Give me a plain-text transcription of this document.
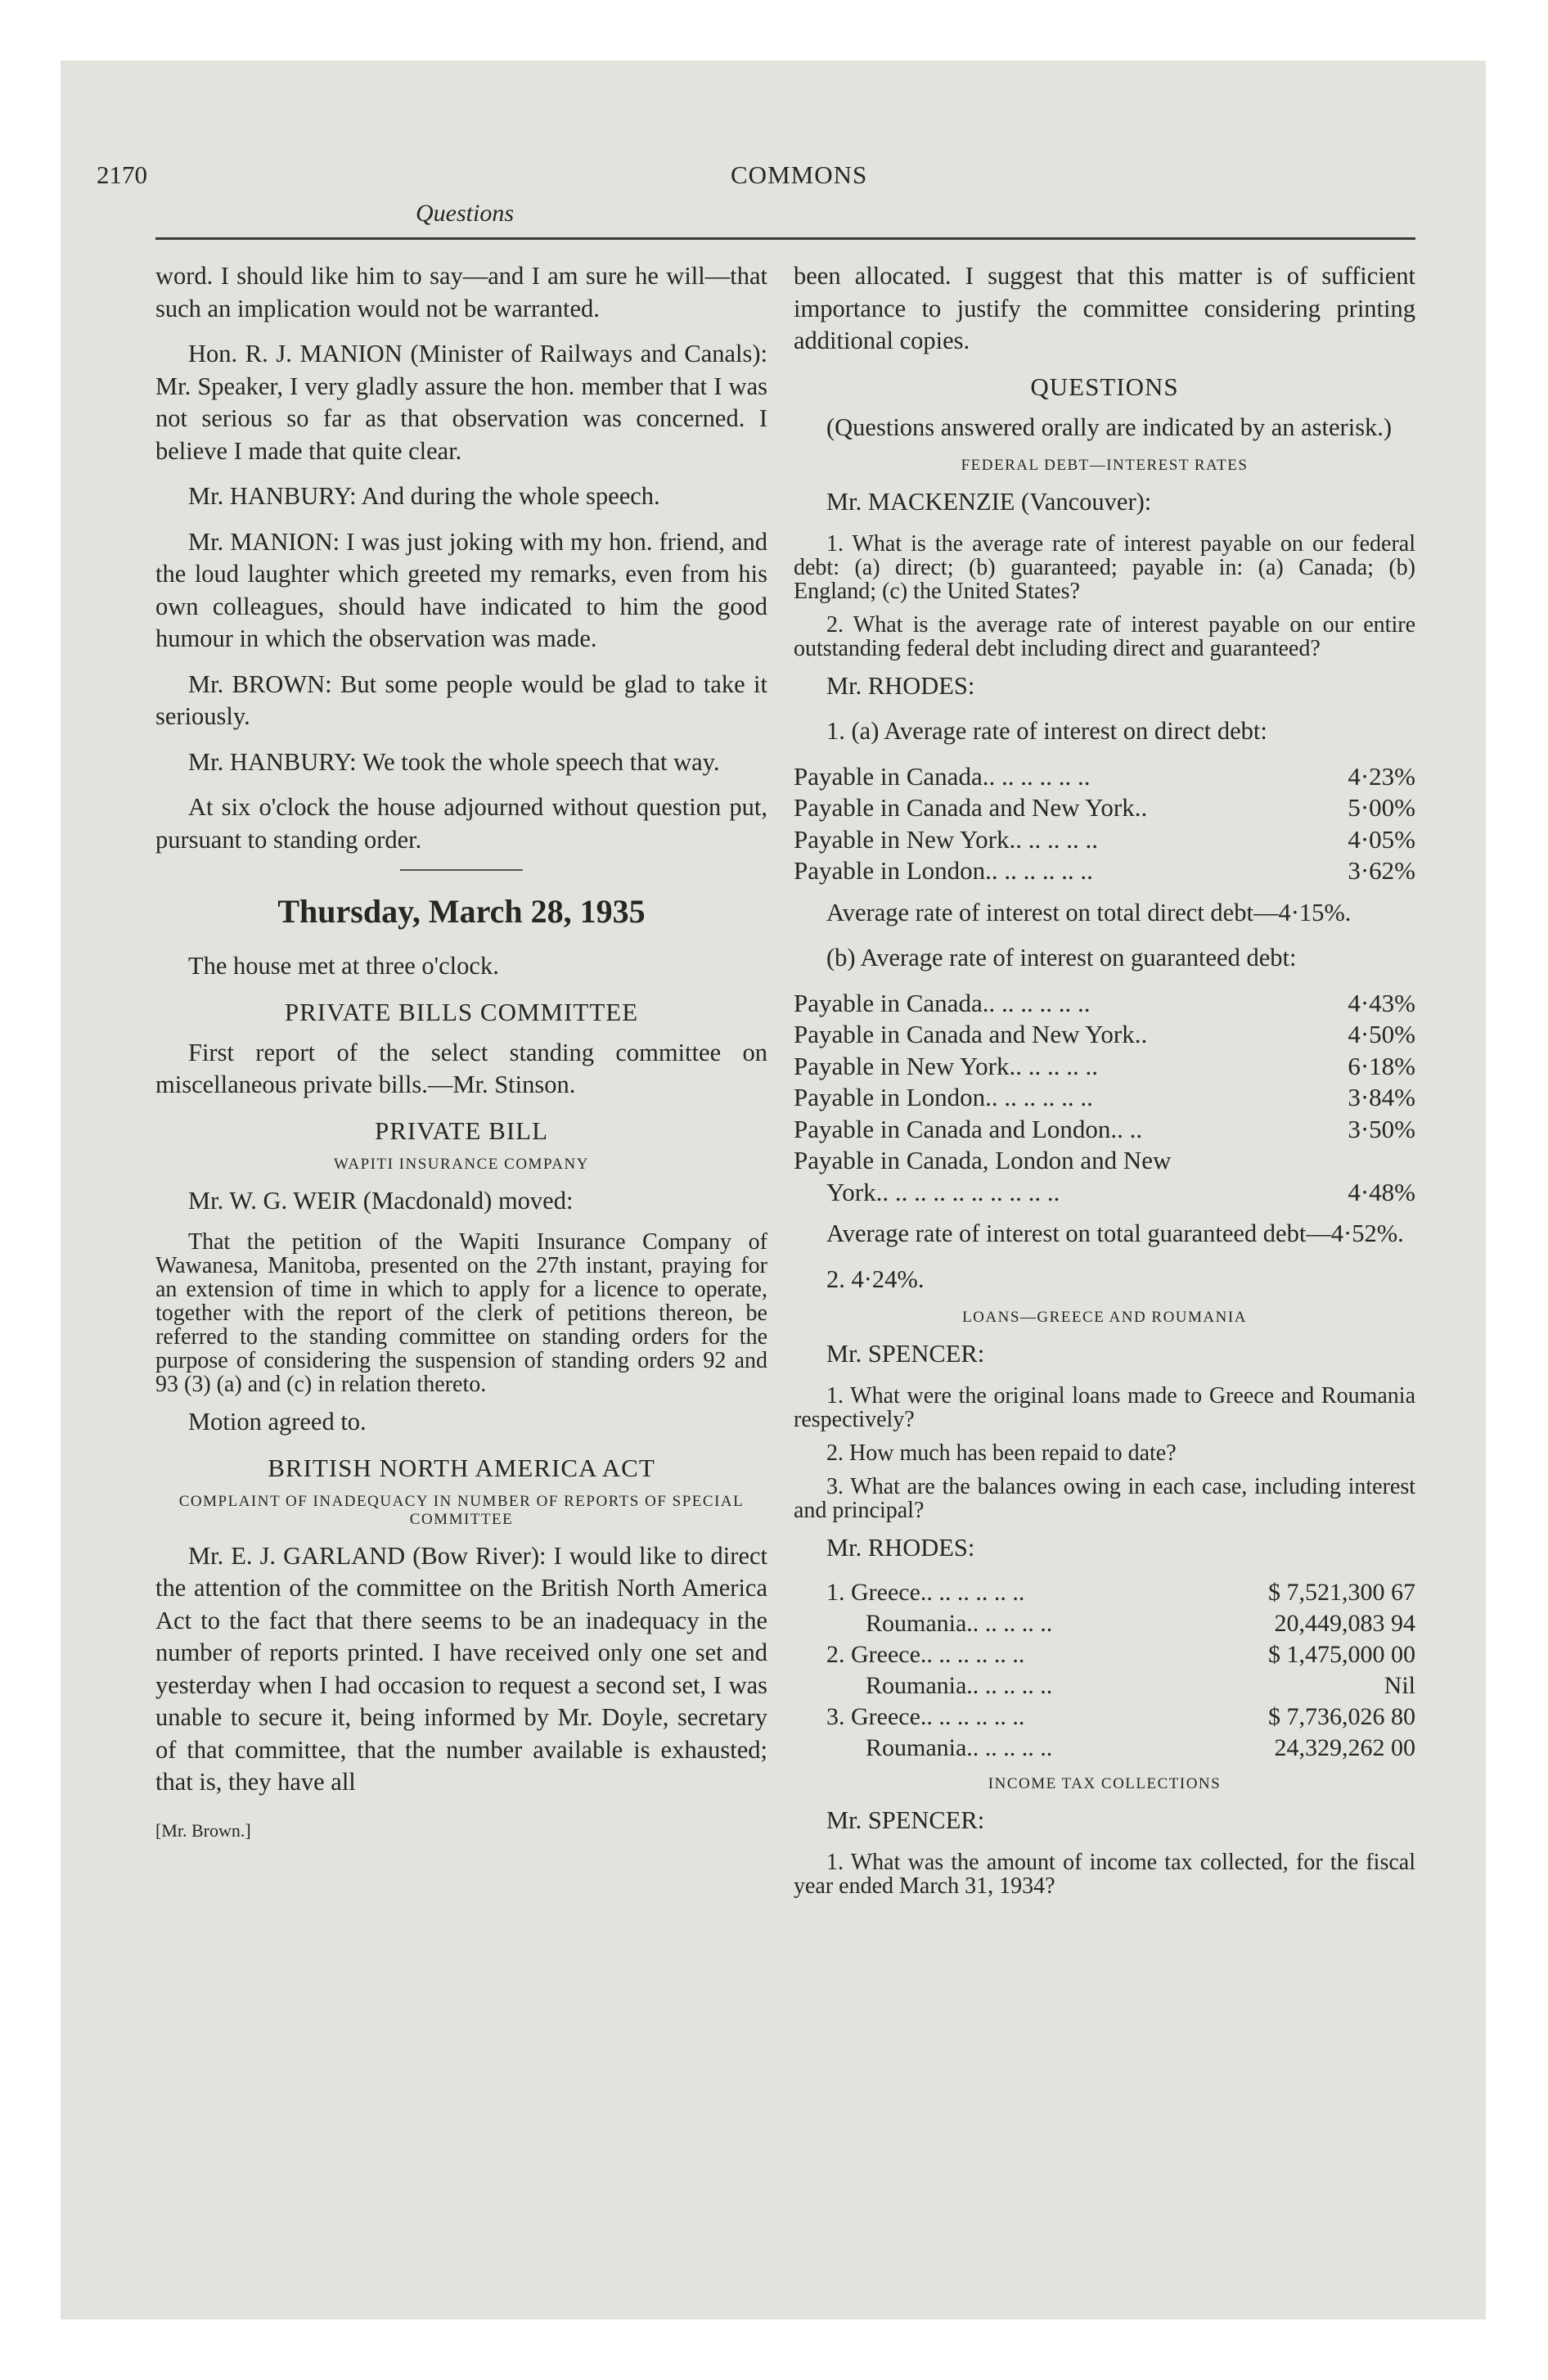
2170	COMMONS
Questions

word. I should like him to say—and I am sure he will—that such an implication would not be warranted.

Hon. R. J. MANION (Minister of Railways and Canals): Mr. Speaker, I very gladly assure the hon. member that I was not serious so far as that observation was concerned. I believe I made that quite clear.

Mr. HANBURY: And during the whole speech.

Mr. MANION: I was just joking with my hon. friend, and the loud laughter which greeted my remarks, even from his own colleagues, should have indicated to him the good humour in which the observation was made.

Mr. BROWN: But some people would be glad to take it seriously.

Mr. HANBURY: We took the whole speech that way.

At six o'clock the house adjourned without question put, pursuant to standing order.

Thursday, March 28, 1935

The house met at three o'clock.

PRIVATE BILLS COMMITTEE

First report of the select standing committee on miscellaneous private bills.—Mr. Stinson.

PRIVATE BILL
WAPITI INSURANCE COMPANY

Mr. W. G. WEIR (Macdonald) moved:

That the petition of the Wapiti Insurance Company of Wawanesa, Manitoba, presented on the 27th instant, praying for an extension of time in which to apply for a licence to operate, together with the report of the clerk of petitions thereon, be referred to the standing committee on standing orders for the purpose of considering the suspension of standing orders 92 and 93 (3) (a) and (c) in relation thereto.

Motion agreed to.

BRITISH NORTH AMERICA ACT
COMPLAINT OF INADEQUACY IN NUMBER OF REPORTS OF SPECIAL COMMITTEE

Mr. E. J. GARLAND (Bow River): I would like to direct the attention of the committee on the British North America Act to the fact that there seems to be an inadequacy in the number of reports printed. I have received only one set and yesterday when I had occasion to request a second set, I was unable to secure it, being informed by Mr. Doyle, secretary of that committee, that the number available is exhausted; that is, they have all

[Mr. Brown.]

been allocated. I suggest that this matter is of sufficient importance to justify the committee considering printing additional copies.

QUESTIONS

(Questions answered orally are indicated by an asterisk.)

FEDERAL DEBT—INTEREST RATES

Mr. MACKENZIE (Vancouver):

1. What is the average rate of interest payable on our federal debt: (a) direct; (b) guaranteed; payable in: (a) Canada; (b) England; (c) the United States?

2. What is the average rate of interest payable on our entire outstanding federal debt including direct and guaranteed?

Mr. RHODES:

1. (a) Average rate of interest on direct debt:

Payable in Canada.. .. .. .. .. ..	4·23%
Payable in Canada and New York..	5·00%
Payable in New York.. .. .. .. ..	4·05%
Payable in London.. .. .. .. .. ..	3·62%

Average rate of interest on total direct debt—4·15%.

(b) Average rate of interest on guaranteed debt:

Payable in Canada.. .. .. .. .. ..	4·43%
Payable in Canada and New York..	4·50%
Payable in New York.. .. .. .. ..	6·18%
Payable in London.. .. .. .. .. ..	3·84%
Payable in Canada and London.. ..	3·50%
Payable in Canada, London and New
York.. .. .. .. .. .. .. .. .. ..	4·48%

Average rate of interest on total guaranteed debt—4·52%.

2. 4·24%.

LOANS—GREECE AND ROUMANIA

Mr. SPENCER:

1. What were the original loans made to Greece and Roumania respectively?

2. How much has been repaid to date?

3. What are the balances owing in each case, including interest and principal?

Mr. RHODES:

1. Greece.. .. .. .. .. ..	$ 7,521,300 67
Roumania.. .. .. .. ..	20,449,083 94
2. Greece.. .. .. .. .. ..	$ 1,475,000 00
Roumania.. .. .. .. ..	Nil
3. Greece.. .. .. .. .. ..	$ 7,736,026 80
Roumania.. .. .. .. ..	24,329,262 00
INCOME TAX COLLECTIONS

Mr. SPENCER:

1. What was the amount of income tax collected, for the fiscal year ended March 31, 1934?
